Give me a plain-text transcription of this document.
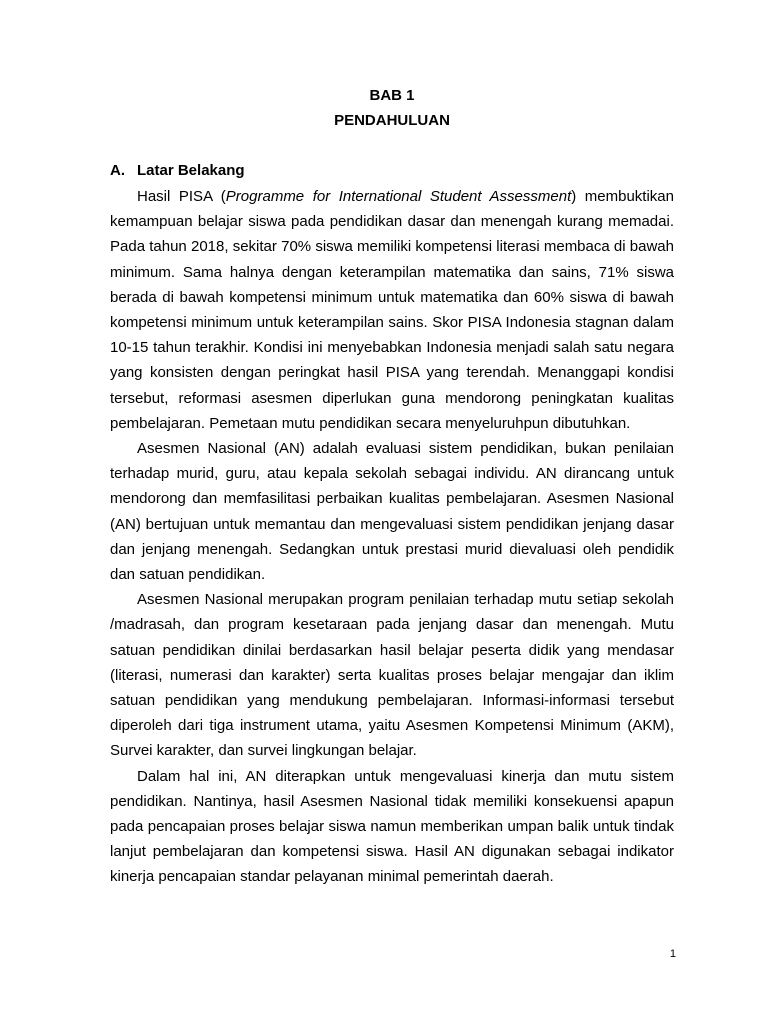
BAB 1
PENDAHULUAN
A. Latar Belakang

Hasil PISA (Programme for International Student Assessment) membuktikan kemampuan belajar siswa pada pendidikan dasar dan menengah kurang memadai. Pada tahun 2018, sekitar 70% siswa memiliki kompetensi literasi membaca di bawah minimum. Sama halnya dengan keterampilan matematika dan sains, 71% siswa berada di bawah kompetensi minimum untuk matematika dan 60% siswa di bawah kompetensi minimum untuk keterampilan sains. Skor PISA Indonesia stagnan dalam 10-15 tahun terakhir. Kondisi ini menyebabkan Indonesia menjadi salah satu negara yang konsisten dengan peringkat hasil PISA yang terendah. Menanggapi kondisi tersebut, reformasi asesmen diperlukan guna mendorong peningkatan kualitas pembelajaran. Pemetaan mutu pendidikan secara menyeluruhpun dibutuhkan.

Asesmen Nasional (AN) adalah evaluasi sistem pendidikan, bukan penilaian terhadap murid, guru, atau kepala sekolah sebagai individu. AN dirancang untuk mendorong dan memfasilitasi perbaikan kualitas pembelajaran. Asesmen Nasional (AN) bertujuan untuk memantau dan mengevaluasi sistem pendidikan jenjang dasar dan jenjang menengah. Sedangkan untuk prestasi murid dievaluasi oleh pendidik dan satuan pendidikan.

Asesmen Nasional merupakan program penilaian terhadap mutu setiap sekolah /madrasah, dan program kesetaraan pada jenjang dasar dan menengah. Mutu satuan pendidikan dinilai berdasarkan hasil belajar peserta didik yang mendasar (literasi, numerasi dan karakter) serta kualitas proses belajar mengajar dan iklim satuan pendidikan yang mendukung pembelajaran. Informasi-informasi tersebut diperoleh dari tiga instrument utama, yaitu Asesmen Kompetensi Minimum (AKM), Survei karakter, dan survei lingkungan belajar.

Dalam hal ini, AN diterapkan untuk mengevaluasi kinerja dan mutu sistem pendidikan. Nantinya, hasil Asesmen Nasional tidak memiliki konsekuensi apapun pada pencapaian proses belajar siswa namun memberikan umpan balik untuk tindak lanjut pembelajaran dan kompetensi siswa. Hasil AN digunakan sebagai indikator kinerja pencapaian standar pelayanan minimal pemerintah daerah.

1
